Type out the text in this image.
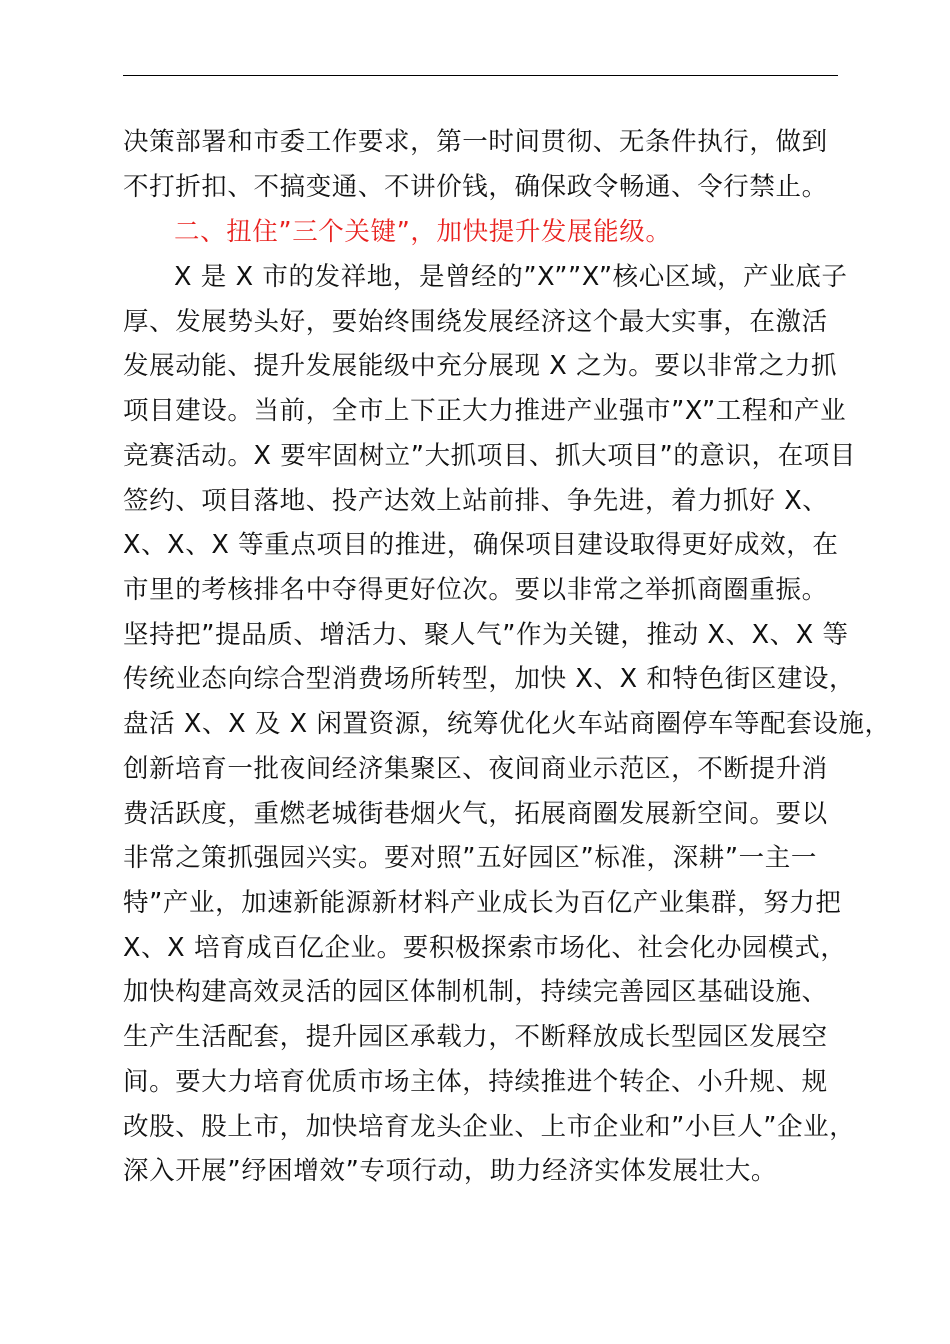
决策部署和市委工作要求，第一时间贯彻、无条件执行，做到
不打折扣、不搞变通、不讲价钱，确保政令畅通、令行禁止。
二、扭住”三个关键”，加快提升发展能级。
X 是 X 市的发祥地，是曾经的”X””X”核心区域，产业底子
厚、发展势头好，要始终围绕发展经济这个最大实事，在激活
发展动能、提升发展能级中充分展现 X 之为。要以非常之力抓
项目建设。当前，全市上下正大力推进产业强市”X”工程和产业
竞赛活动。X 要牢固树立”大抓项目、抓大项目”的意识，在项目
签约、项目落地、投产达效上站前排、争先进，着力抓好 X、
X、X、X 等重点项目的推进，确保项目建设取得更好成效，在
市里的考核排名中夺得更好位次。要以非常之举抓商圈重振。
坚持把”提品质、增活力、聚人气”作为关键，推动 X、X、X 等
传统业态向综合型消费场所转型，加快 X、X 和特色街区建设，
盘活 X、X 及 X 闲置资源，统筹优化火车站商圈停车等配套设施，
创新培育一批夜间经济集聚区、夜间商业示范区，不断提升消
费活跃度，重燃老城街巷烟火气，拓展商圈发展新空间。要以
非常之策抓强园兴实。要对照”五好园区”标准，深耕”一主一
特”产业，加速新能源新材料产业成长为百亿产业集群，努力把
X、X 培育成百亿企业。要积极探索市场化、社会化办园模式，
加快构建高效灵活的园区体制机制，持续完善园区基础设施、
生产生活配套，提升园区承载力，不断释放成长型园区发展空
间。要大力培育优质市场主体，持续推进个转企、小升规、规
改股、股上市，加快培育龙头企业、上市企业和”小巨人”企业，
深入开展”纾困增效”专项行动，助力经济实体发展壮大。
